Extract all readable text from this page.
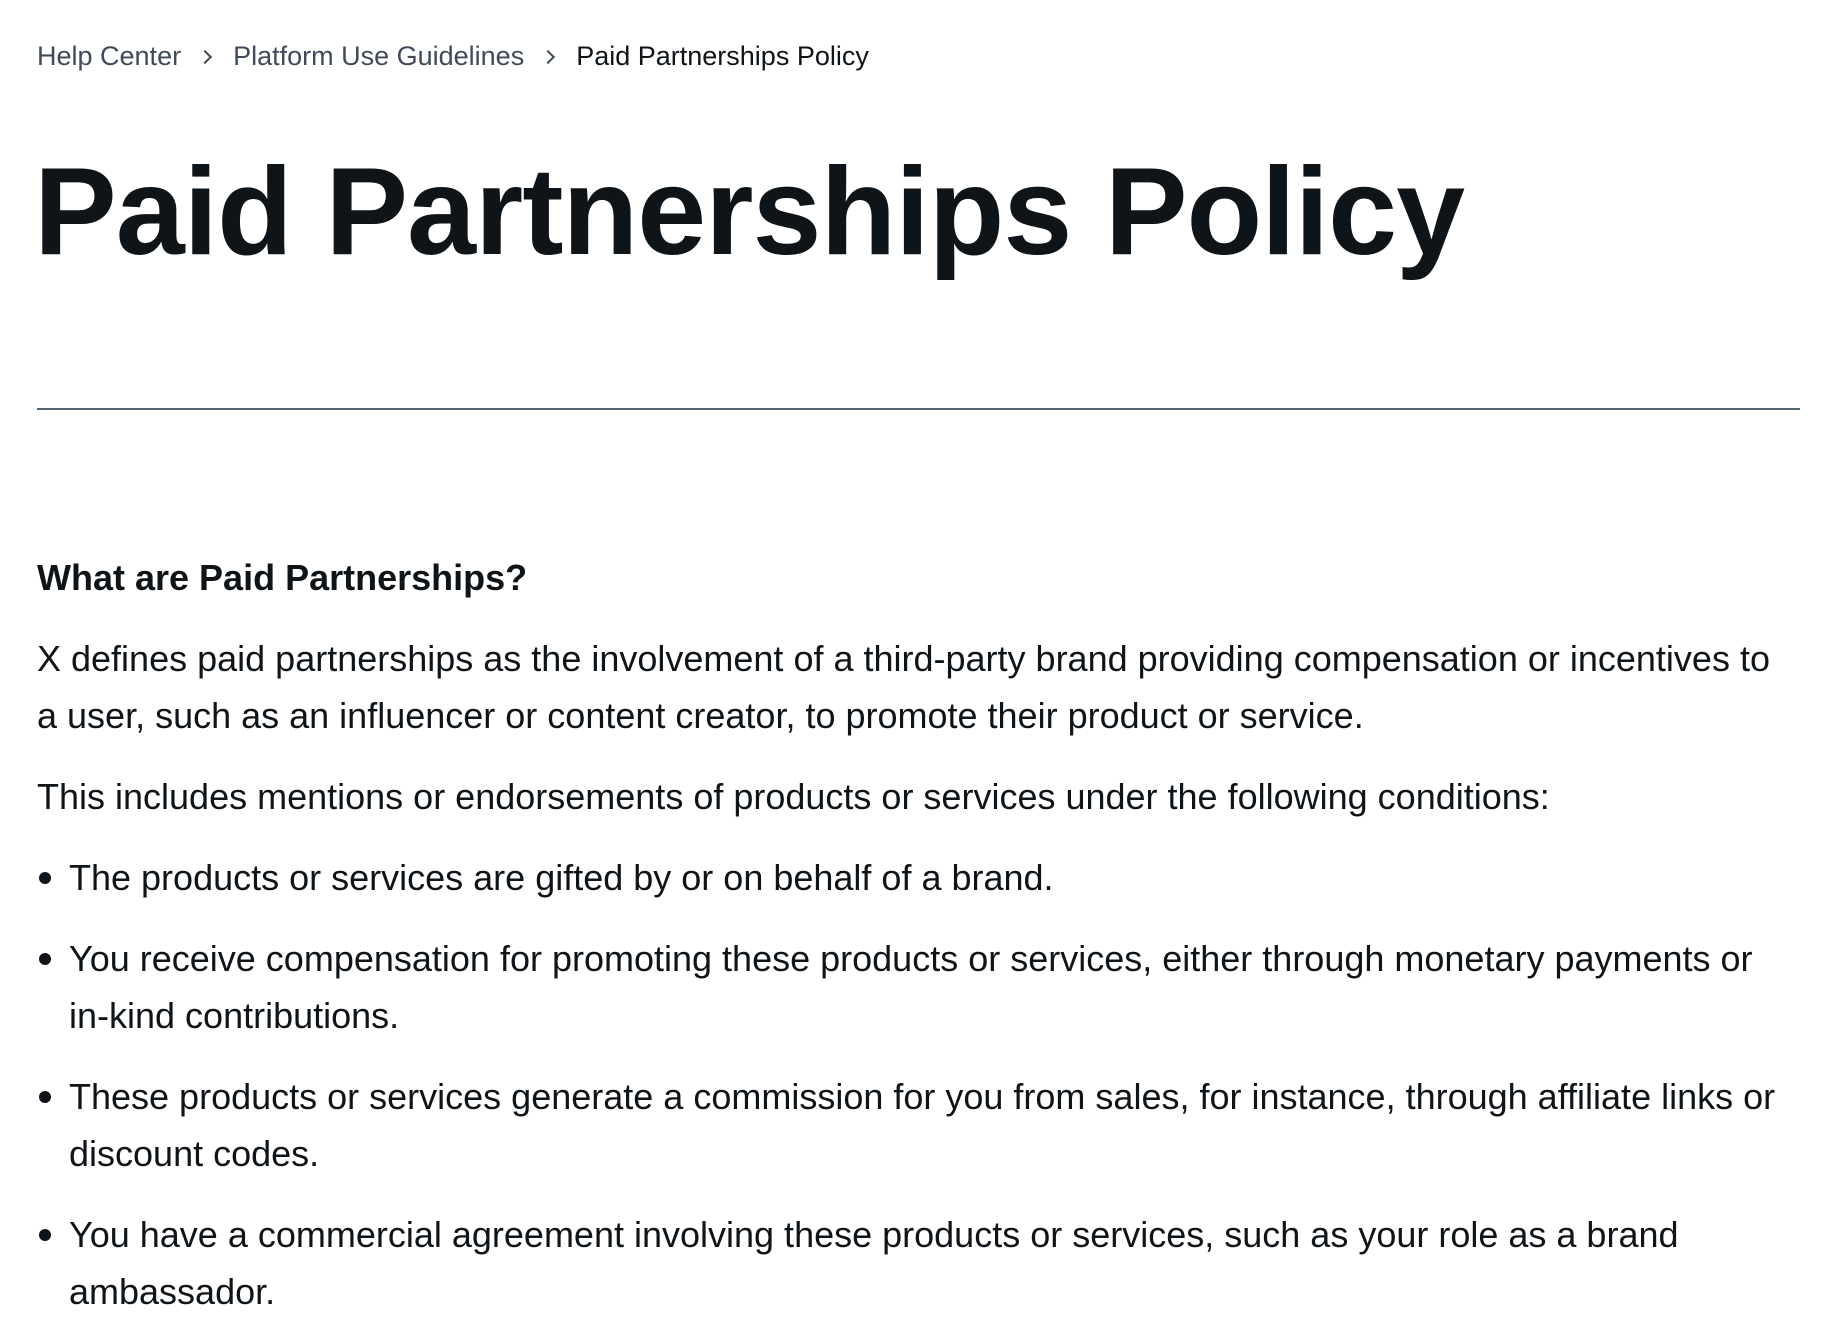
Help Center Platform Use Guidelines Paid Partnerships Policy
Paid Partnerships Policy
What are Paid Partnerships?

X defines paid partnerships as the involvement of a third-party brand providing compensation or incentives to a user, such as an influencer or content creator, to promote their product or service.

This includes mentions or endorsements of products or services under the following conditions:

The products or services are gifted by or on behalf of a brand.
You receive compensation for promoting these products or services, either through monetary payments or in-kind contributions.
These products or services generate a commission for you from sales, for instance, through affiliate links or discount codes.
You have a commercial agreement involving these products or services, such as your role as a brand ambassador.
